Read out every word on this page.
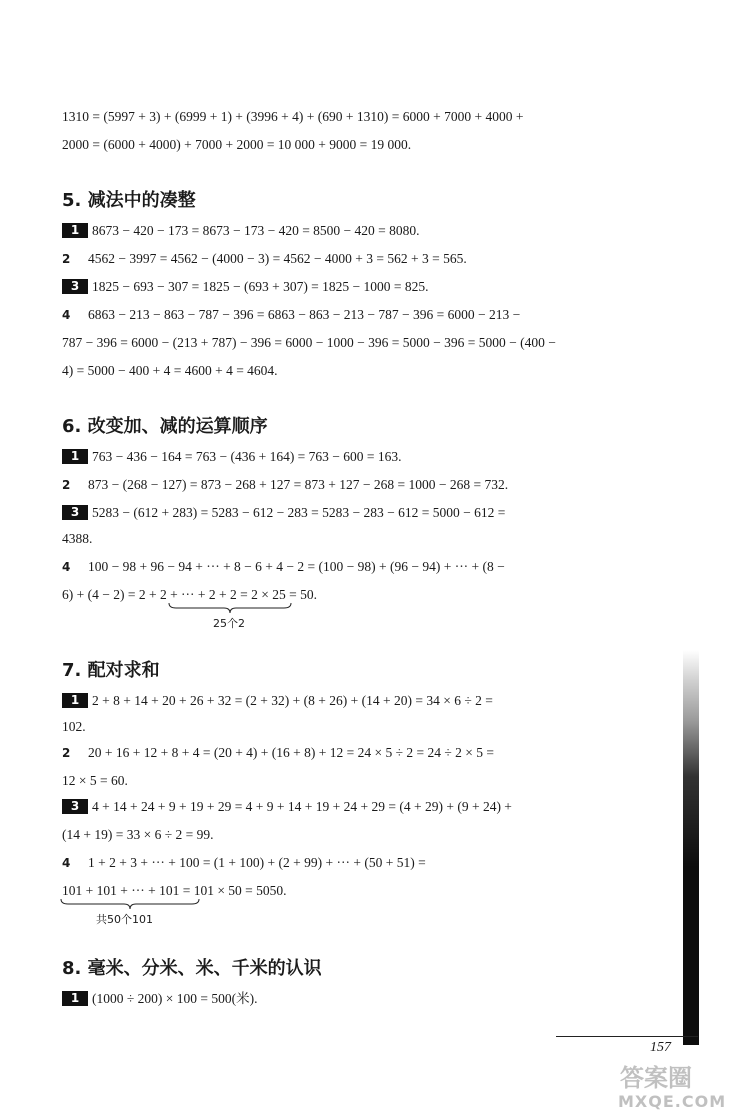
1310 = (5997 + 3) + (6999 + 1) + (3996 + 4) + (690 + 1310) = 6000 + 7000 + 4000 +
2000 = (6000 + 4000) + 7000 + 2000 = 10 000 + 9000 = 19 000.
5. 减法中的凑整
1 8673 − 420 − 173 = 8673 − 173 − 420 = 8500 − 420 = 8080.
2 4562 − 3997 = 4562 − (4000 − 3) = 4562 − 4000 + 3 = 562 + 3 = 565.
3 1825 − 693 − 307 = 1825 − (693 + 307) = 1825 − 1000 = 825.
4 6863 − 213 − 863 − 787 − 396 = 6863 − 863 − 213 − 787 − 396 = 6000 − 213 −
787 − 396 = 6000 − (213 + 787) − 396 = 6000 − 1000 − 396 = 5000 − 396 = 5000 − (400 −
4) = 5000 − 400 + 4 = 4600 + 4 = 4604.
6. 改变加、减的运算顺序
1 763 − 436 − 164 = 763 − (436 + 164) = 763 − 600 = 163.
2 873 − (268 − 127) = 873 − 268 + 127 = 873 + 127 − 268 = 1000 − 268 = 732.
3 5283 − (612 + 283) = 5283 − 612 − 283 = 5283 − 283 − 612 = 5000 − 612 =
4388.
4 100 − 98 + 96 − 94 + ··· + 8 − 6 + 4 − 2 = (100 − 98) + (96 − 94) + ··· + (8 −
6) + (4 − 2) = 2 + 2 + ··· + 2 + 2 = 2 × 25 = 50.
25个2
7. 配对求和
1 2 + 8 + 14 + 20 + 26 + 32 = (2 + 32) + (8 + 26) + (14 + 20) = 34 × 6 ÷ 2 =
102.
2 20 + 16 + 12 + 8 + 4 = (20 + 4) + (16 + 8) + 12 = 24 × 5 ÷ 2 = 24 ÷ 2 × 5 =
12 × 5 = 60.
3 4 + 14 + 24 + 9 + 19 + 29 = 4 + 9 + 14 + 19 + 24 + 29 = (4 + 29) + (9 + 24) +
(14 + 19) = 33 × 6 ÷ 2 = 99.
4 1 + 2 + 3 + ··· + 100 = (1 + 100) + (2 + 99) + ··· + (50 + 51) =
101 + 101 + ··· + 101 = 101 × 50 = 5050.
共50个101
8. 毫米、分米、米、千米的认识
1 (1000 ÷ 200) × 100 = 500(米).
157
答案圈
MXQE.COM
